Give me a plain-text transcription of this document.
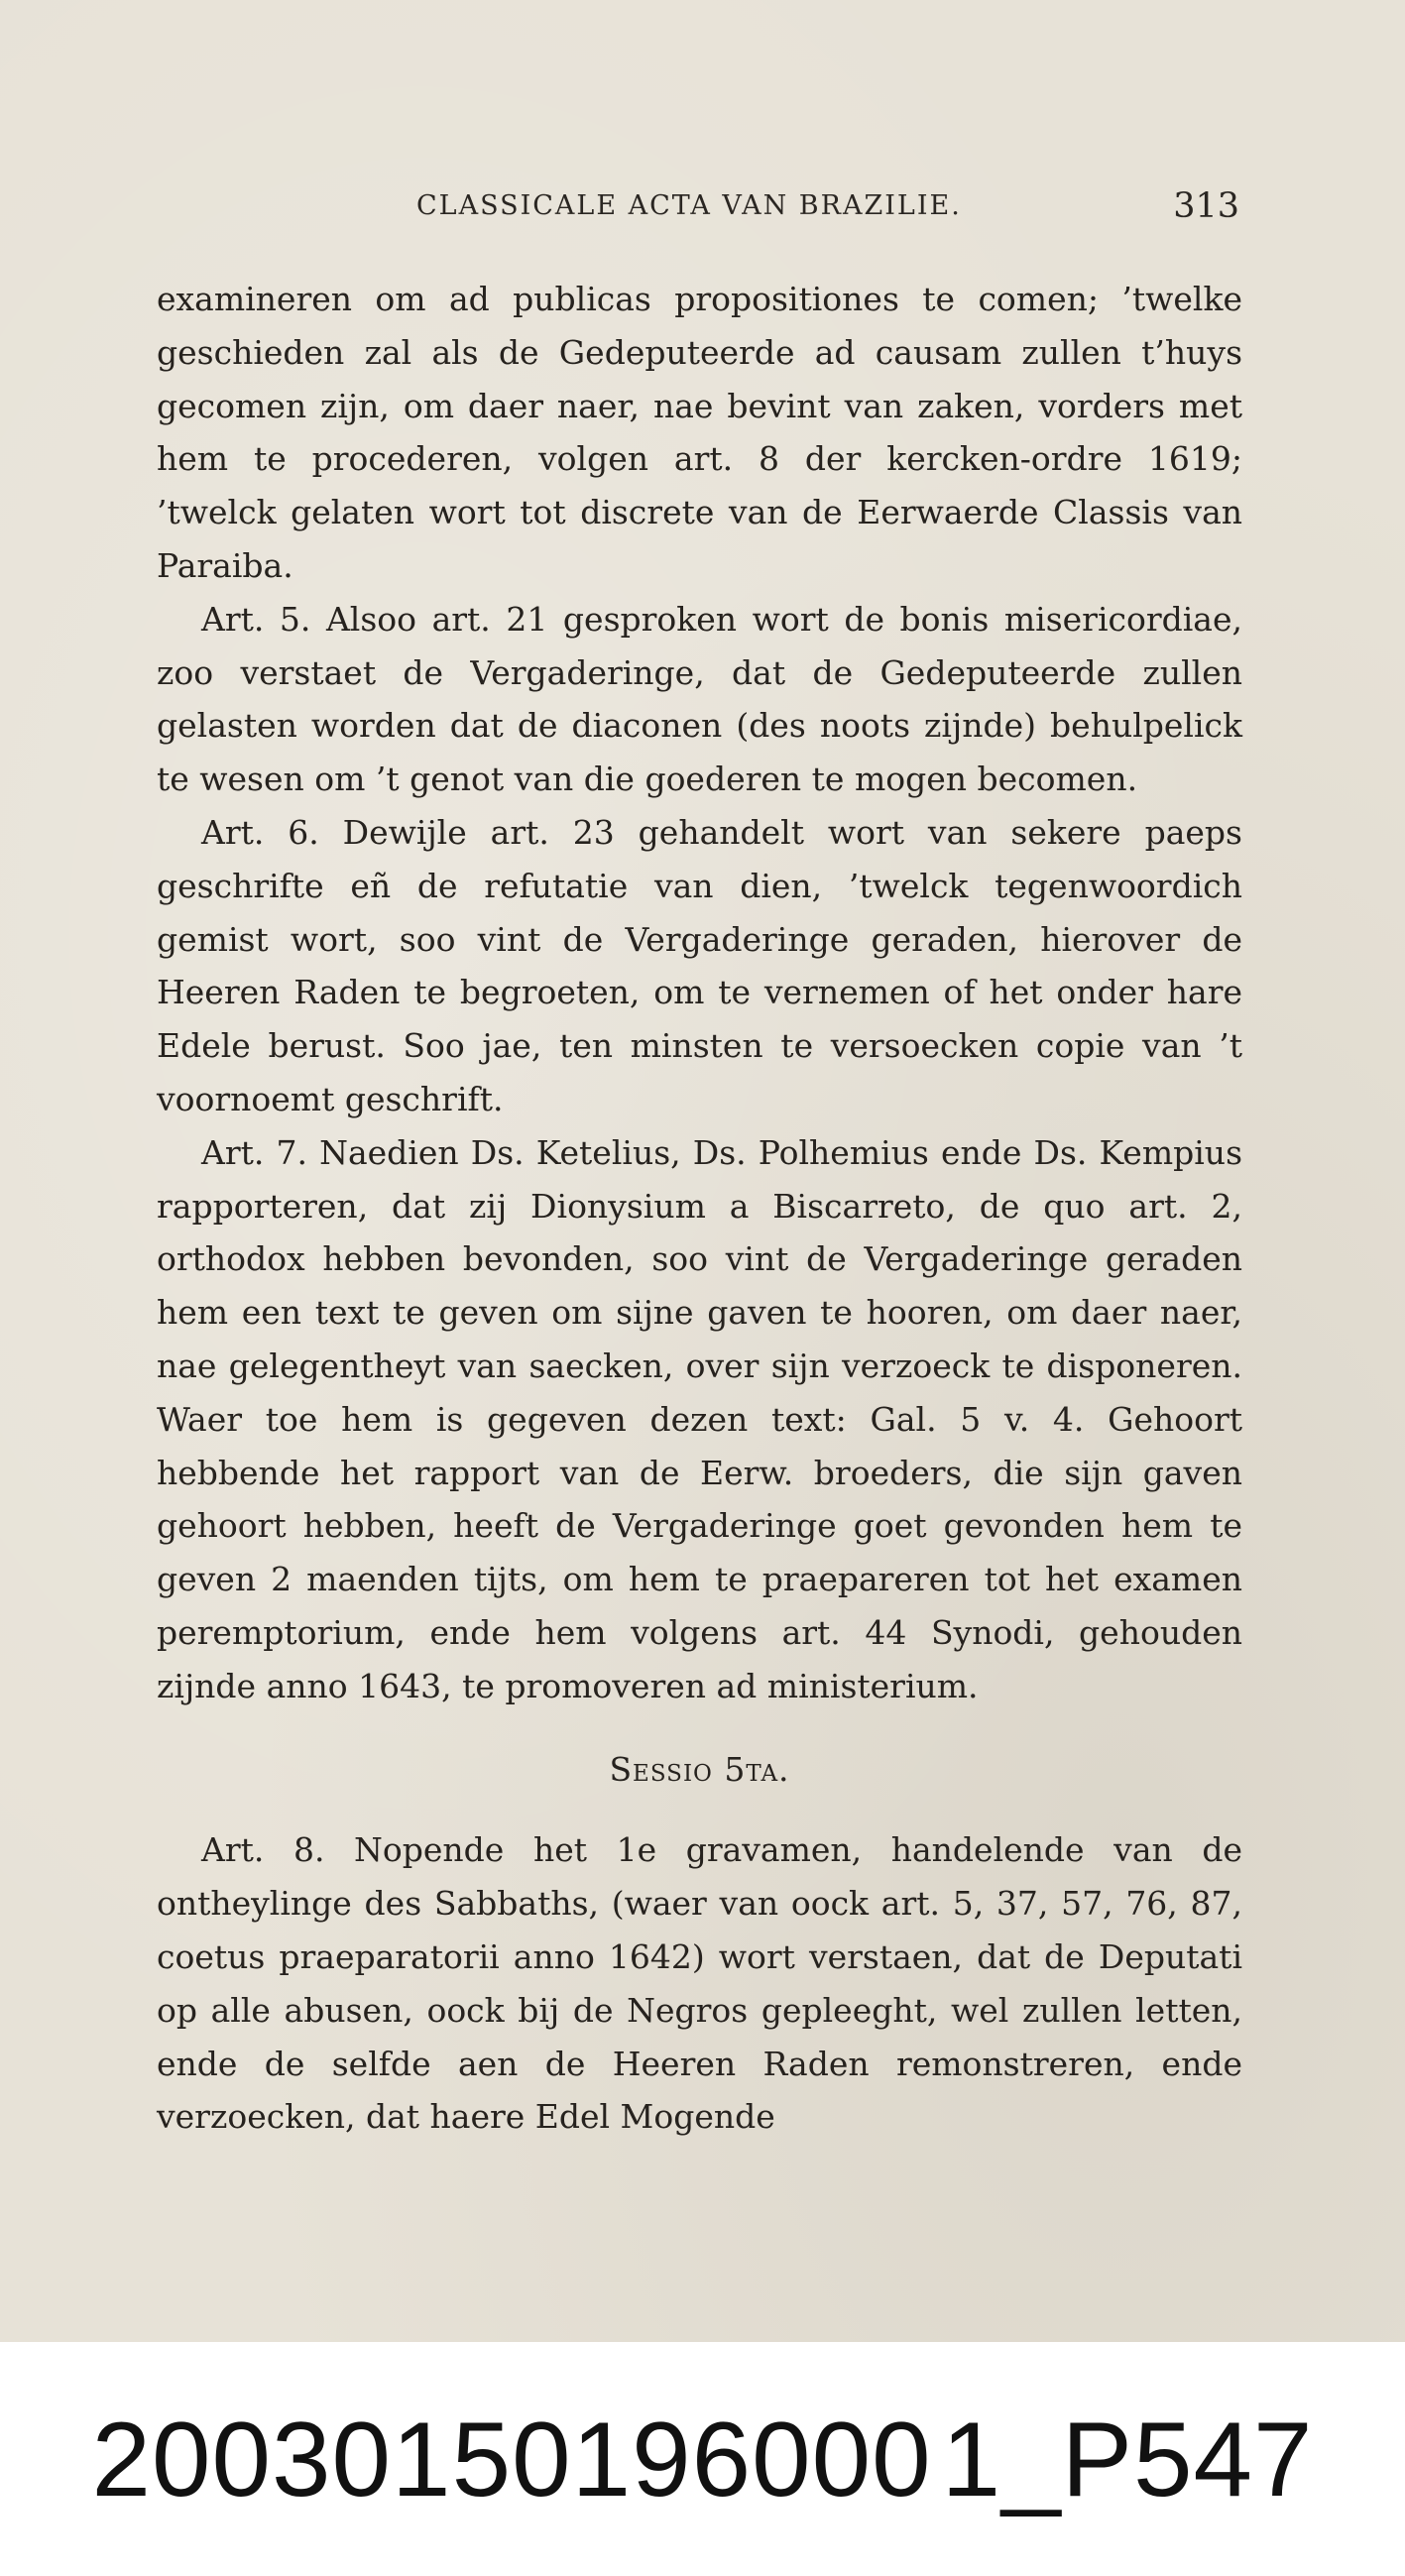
CLASSICALE ACTA VAN BRAZILIE.	313

examineren om ad publicas propositiones te comen; ’twelke geschieden zal als de Gedeputeerde ad causam zullen t’huys gecomen zijn, om daer naer, nae bevint van zaken, vorders met hem te procederen, volgen art. 8 der kercken-ordre 1619; ’twelck gelaten wort tot discrete van de Eerwaerde Classis van Paraiba.

Art. 5. Alsoo art. 21 gesproken wort de bonis misericordiae, zoo verstaet de Vergaderinge, dat de Gedeputeerde zullen gelasten worden dat de diaconen (des noots zijnde) behulpelick te wesen om ’t genot van die goederen te mogen becomen.

Art. 6. Dewijle art. 23 gehandelt wort van sekere paeps geschrifte eñ de refutatie van dien, ’twelck tegenwoordich gemist wort, soo vint de Vergaderinge geraden, hierover de Heeren Raden te begroeten, om te vernemen of het onder hare Edele berust. Soo jae, ten minsten te versoecken copie van ’t voornoemt geschrift.

Art. 7. Naedien Ds. Ketelius, Ds. Polhemius ende Ds. Kempius rapporteren, dat zij Dionysium a Biscarreto, de quo art. 2, orthodox hebben bevonden, soo vint de Vergaderinge geraden hem een text te geven om sijne gaven te hooren, om daer naer, nae gelegentheyt van saecken, over sijn verzoeck te disponeren. Waer toe hem is gegeven dezen text: Gal. 5 v. 4. Gehoort hebbende het rapport van de Eerw. broeders, die sijn gaven gehoort hebben, heeft de Vergaderinge goet gevonden hem te geven 2 maenden tijts, om hem te praepareren tot het examen peremptorium, ende hem volgens art. 44 Synodi, gehouden zijnde anno 1643, te promoveren ad ministerium.

Sessio 5ta.

Art. 8. Nopende het 1e gravamen, handelende van de ontheylinge des Sabbaths, (waer van oock art. 5, 37, 57, 76, 87, coetus praeparatorii anno 1642) wort verstaen, dat de Deputati op alle abusen, oock bij de Negros gepleeght, wel zullen letten, ende de selfde aen de Heeren Raden remonstreren, ende verzoecken, dat haere Edel Mogende

20030150196000 1_P547
